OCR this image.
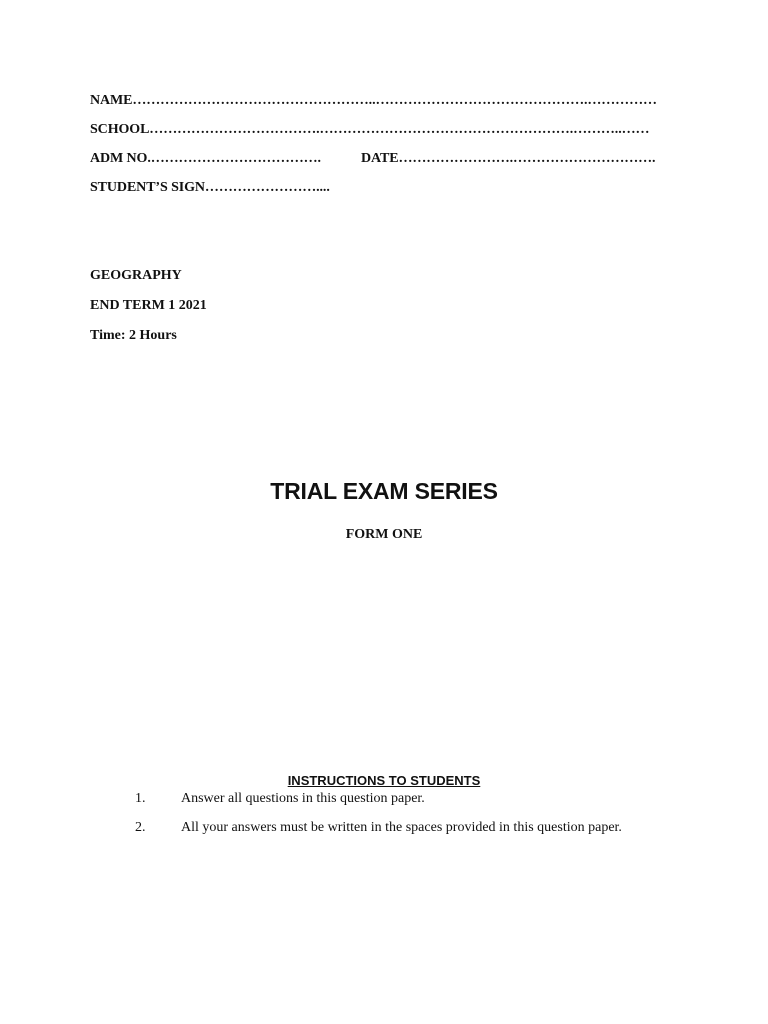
NAME……………………………………………..……………………………………….……………
SCHOOL……………………………….……………………………………………….………..……
ADM NO.……………………………….	DATE…………………….………………………….
STUDENT’S SIGN……………………....
GEOGRAPHY
END TERM 1 2021
Time: 2 Hours
TRIAL EXAM SERIES
FORM ONE
INSTRUCTIONS TO STUDENTS
1.	Answer all questions in this question paper.
2.	All your answers must be written in the spaces provided in this question paper.
